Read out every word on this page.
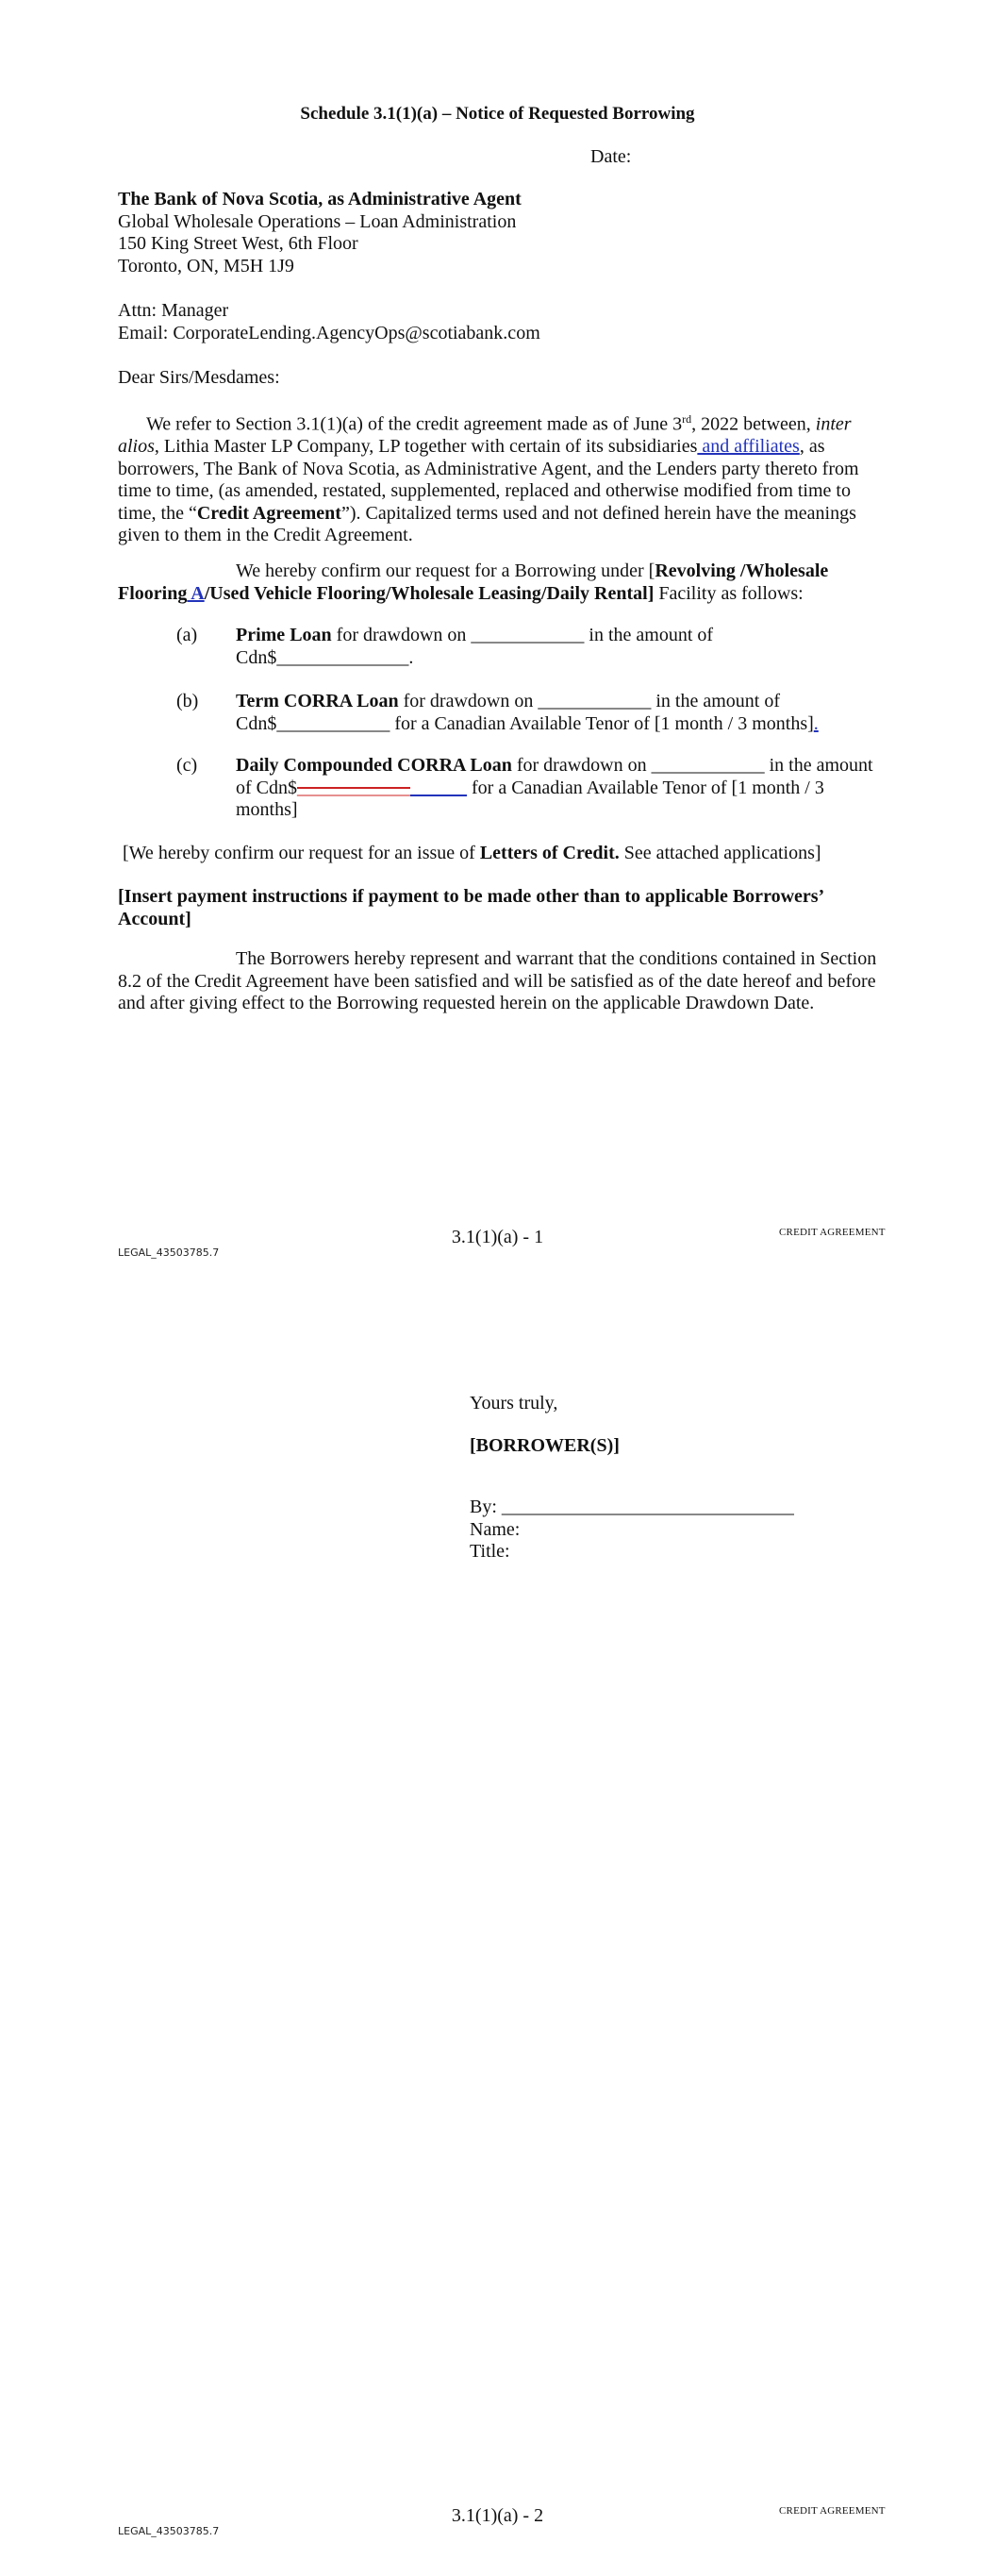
Schedule 3.1(1)(a) – Notice of Requested Borrowing
Date:
The Bank of Nova Scotia, as Administrative Agent
Global Wholesale Operations – Loan Administration
150 King Street West, 6th Floor
Toronto, ON, M5H 1J9
Attn: Manager
Email: CorporateLending.AgencyOps@scotiabank.com
Dear Sirs/Mesdames:
We refer to Section 3.1(1)(a) of the credit agreement made as of June 3rd, 2022 between, inter alios, Lithia Master LP Company, LP together with certain of its subsidiaries and affiliates, as borrowers, The Bank of Nova Scotia, as Administrative Agent, and the Lenders party thereto from time to time, (as amended, restated, supplemented, replaced and otherwise modified from time to time, the “Credit Agreement”). Capitalized terms used and not defined herein have the meanings given to them in the Credit Agreement.
We hereby confirm our request for a Borrowing under [Revolving /Wholesale Flooring A/Used Vehicle Flooring/Wholesale Leasing/Daily Rental] Facility as follows:
(a) Prime Loan for drawdown on ____________ in the amount of Cdn$______________.
(b) Term CORRA Loan for drawdown on ____________ in the amount of Cdn$____________ for a Canadian Available Tenor of [1 month / 3 months].
(c) Daily Compounded CORRA Loan for drawdown on ____________ in the amount of Cdn$__________________ for a Canadian Available Tenor of [1 month / 3 months]
[We hereby confirm our request for an issue of Letters of Credit. See attached applications]
[Insert payment instructions if payment to be made other than to applicable Borrowers’ Account]
The Borrowers hereby represent and warrant that the conditions contained in Section 8.2 of the Credit Agreement have been satisfied and will be satisfied as of the date hereof and before and after giving effect to the Borrowing requested herein on the applicable Drawdown Date.
3.1(1)(a) - 1	CREDIT AGREEMENT
LEGAL_43503785.7
Yours truly,
[BORROWER(S)]
By: _______________________________
Name:
Title:
3.1(1)(a) - 2	CREDIT AGREEMENT
LEGAL_43503785.7
